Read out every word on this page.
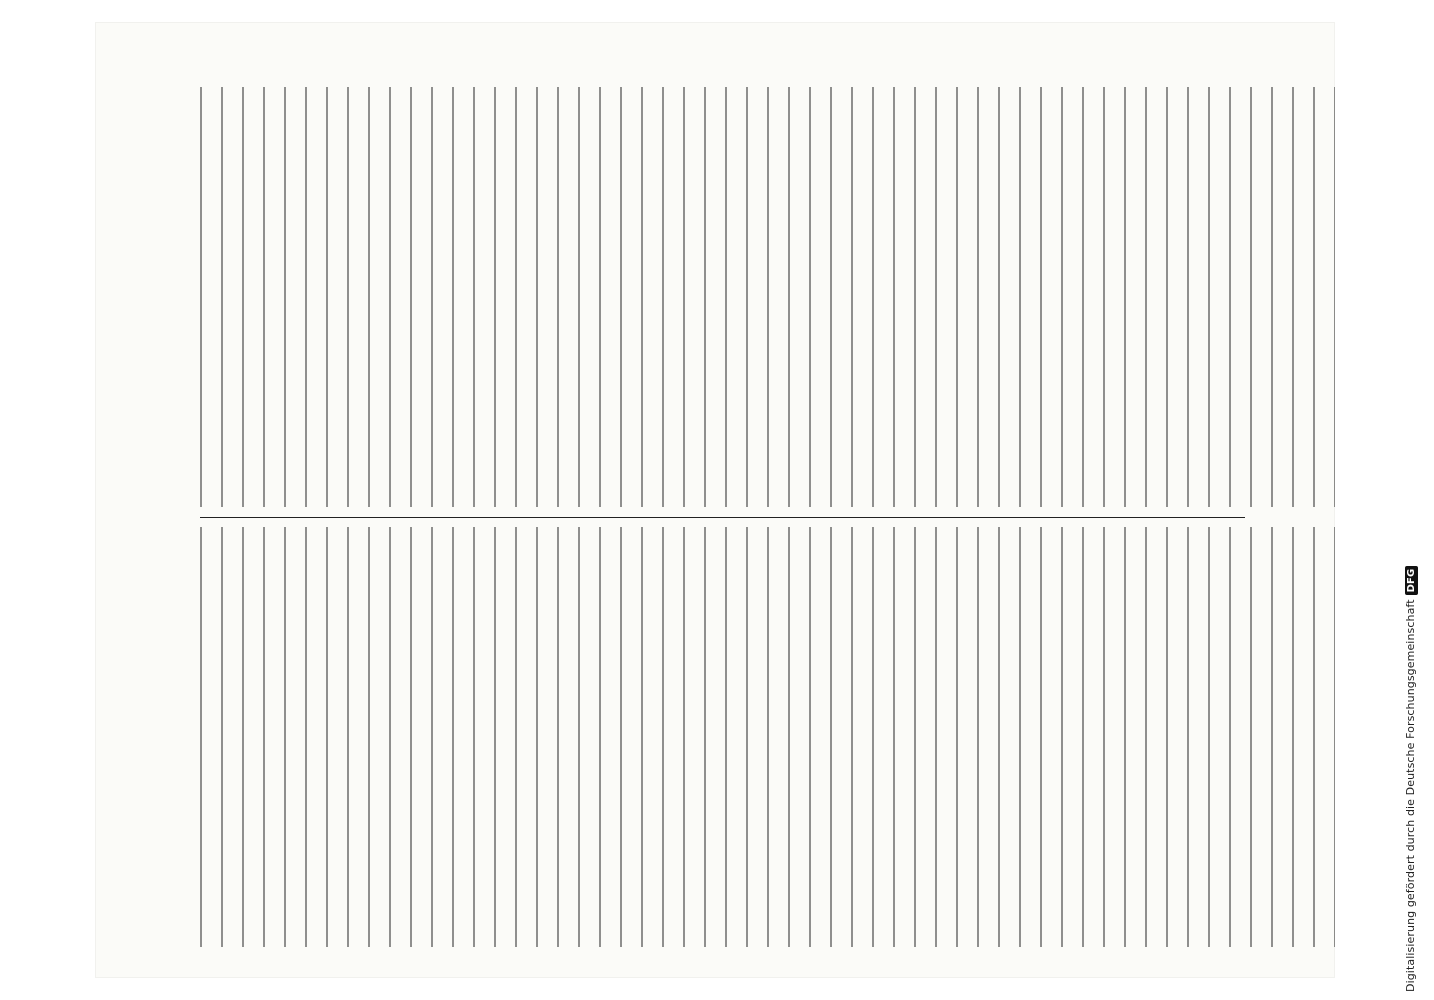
Digitalisierung gefördert durch die Deutsche ForschungsgemeinschaftDFG
